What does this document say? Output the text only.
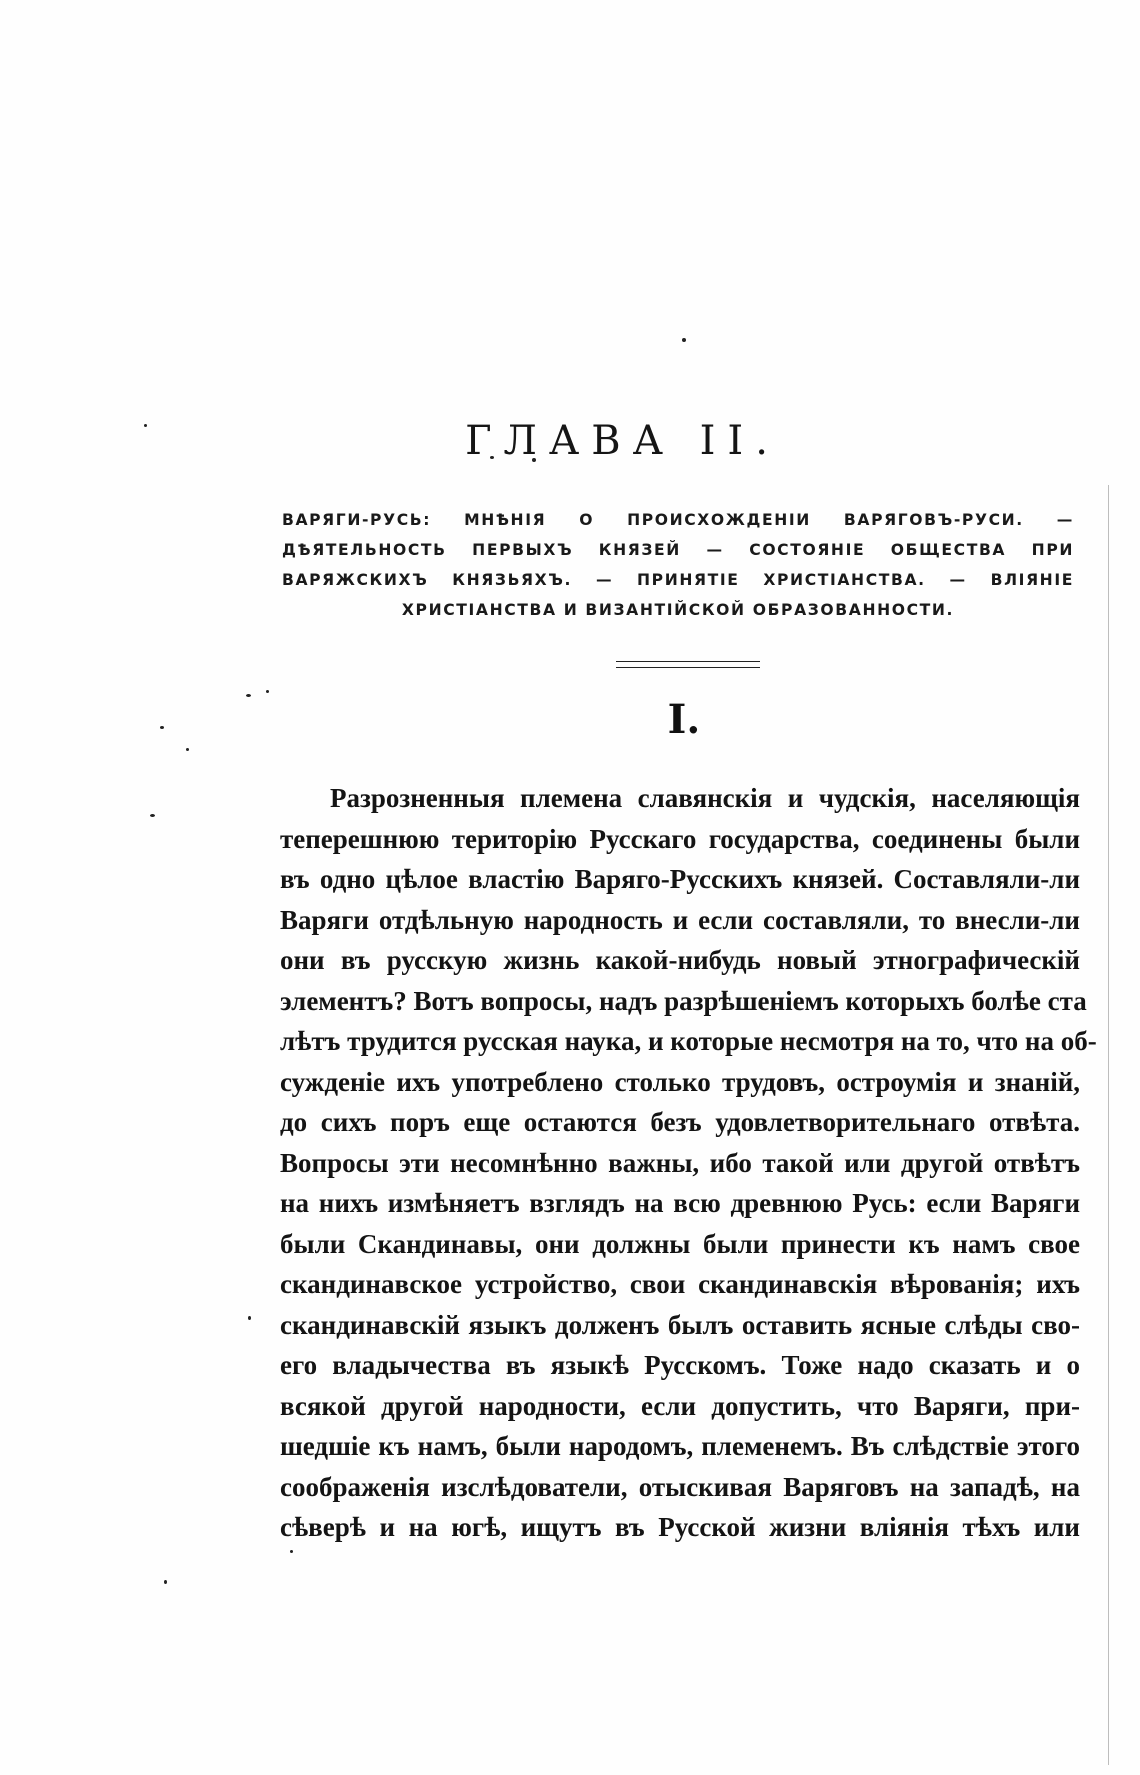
ГЛАВА II.
ВАРЯГИ-РУСЬ: МНѢНІЯ О ПРОИСХОЖДЕНІИ ВАРЯГОВЪ-РУСИ. —
ДѢЯТЕЛЬНОСТЬ ПЕРВЫХЪ КНЯЗЕЙ — СОСТОЯНІЕ ОБЩЕСТВА ПРИ
ВАРЯЖСКИХЪ КНЯЗЬЯХЪ. — ПРИНЯТІЕ ХРИСТІАНСТВА. — ВЛІЯНІЕ
ХРИСТІАНСТВА И ВИЗАНТІЙСКОЙ ОБРАЗОВАННОСТИ.
I.
Разрозненныя племена славянскія и чудскія, населяющія
теперешнюю територію Русскаго государства, соединены были
въ одно цѣлое властію Варяго-Русскихъ князей. Составляли-ли
Варяги отдѣльную народность и если составляли, то внесли-ли
они въ русскую жизнь какой-нибудь новый этнографическій
элементъ? Вотъ вопросы, надъ разрѣшеніемъ которыхъ болѣе ста
лѣтъ трудится русская наука, и которые несмотря на то, что на об-
сужденіе ихъ употреблено столько трудовъ, остроумія и знаній,
до сихъ поръ еще остаются безъ удовлетворительнаго отвѣта.
Вопросы эти несомнѣнно важны, ибо такой или другой отвѣтъ
на нихъ измѣняетъ взглядъ на всю древнюю Русь: если Варяги
были Скандинавы, они должны были принести къ намъ свое
скандинавское устройство, свои скандинавскія вѣрованія; ихъ
скандинавскій языкъ долженъ былъ оставить ясные слѣды сво-
его владычества въ языкѣ Русскомъ. Тоже надо сказать и о
всякой другой народности, если допустить, что Варяги, при-
шедшіе къ намъ, были народомъ, племенемъ. Въ слѣдствіе этого
соображенія изслѣдователи, отыскивая Варяговъ на западѣ, на
сѣверѣ и на югѣ, ищутъ въ Русской жизни вліянія тѣхъ или
